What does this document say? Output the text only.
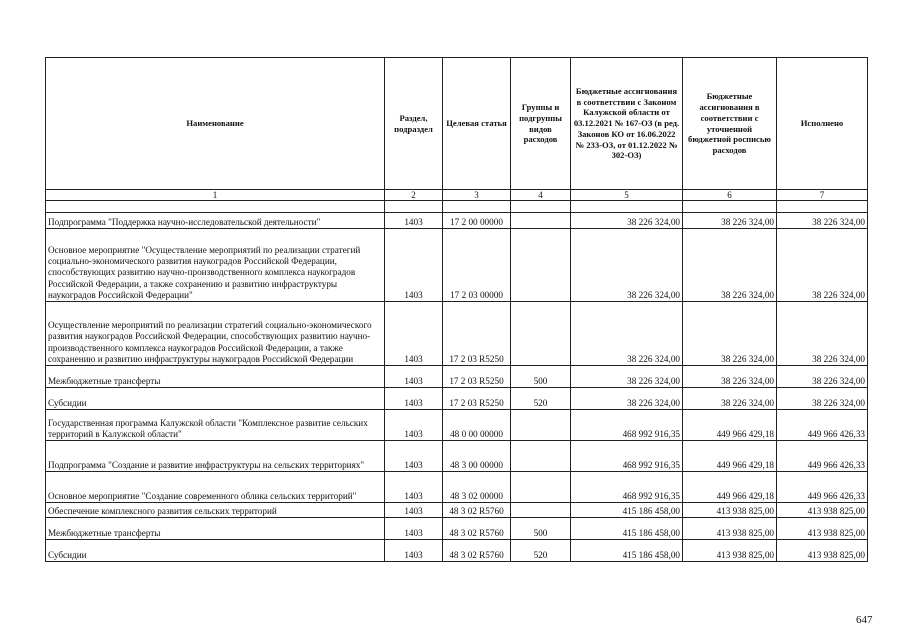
Наименование	Раздел, подраздел	Целевая статья	Группы и подгруппы видов расходов	Бюджетные ассигнования в соответствии с Законом Калужской области от 03.12.2021 № 167-ОЗ (в ред. Законов КО от 16.06.2022 № 233-ОЗ, от 01.12.2022 № 302-ОЗ)	Бюджетные ассигнования в соответствии с уточненной бюджетной росписью расходов	Исполнено
1	2	3	4	5	6	7

Подпрограмма "Поддержка научно-исследовательской деятельности"	1403	17 2 00 00000		38 226 324,00	38 226 324,00	38 226 324,00
Основное мероприятие "Осуществление мероприятий по реализации стратегий социально-экономического развития наукоградов Российской Федерации, способствующих развитию научно-производственного комплекса наукоградов Российской Федерации, а также сохранению и развитию инфраструктуры наукоградов Российской Федерации"	1403	17 2 03 00000		38 226 324,00	38 226 324,00	38 226 324,00
Осуществление мероприятий по реализации стратегий социально-экономического развития наукоградов Российской Федерации, способствующих развитию научно-производственного комплекса наукоградов Российской Федерации, а также сохранению и развитию инфраструктуры наукоградов Российской Федерации	1403	17 2 03 R5250		38 226 324,00	38 226 324,00	38 226 324,00
Межбюджетные трансферты	1403	17 2 03 R5250	500	38 226 324,00	38 226 324,00	38 226 324,00
Субсидии	1403	17 2 03 R5250	520	38 226 324,00	38 226 324,00	38 226 324,00
Государственная программа Калужской области "Комплексное развитие сельских территорий в Калужской области"	1403	48 0 00 00000		468 992 916,35	449 966 429,18	449 966 426,33
Подпрограмма "Создание и развитие инфраструктуры на сельских территориях"	1403	48 3 00 00000		468 992 916,35	449 966 429,18	449 966 426,33
Основное мероприятие "Создание современного облика сельских территорий"	1403	48 3 02 00000		468 992 916,35	449 966 429,18	449 966 426,33
Обеспечение комплексного развития сельских территорий	1403	48 3 02 R5760		415 186 458,00	413 938 825,00	413 938 825,00
Межбюджетные трансферты	1403	48 3 02 R5760	500	415 186 458,00	413 938 825,00	413 938 825,00
Субсидии	1403	48 3 02 R5760	520	415 186 458,00	413 938 825,00	413 938 825,00
647
